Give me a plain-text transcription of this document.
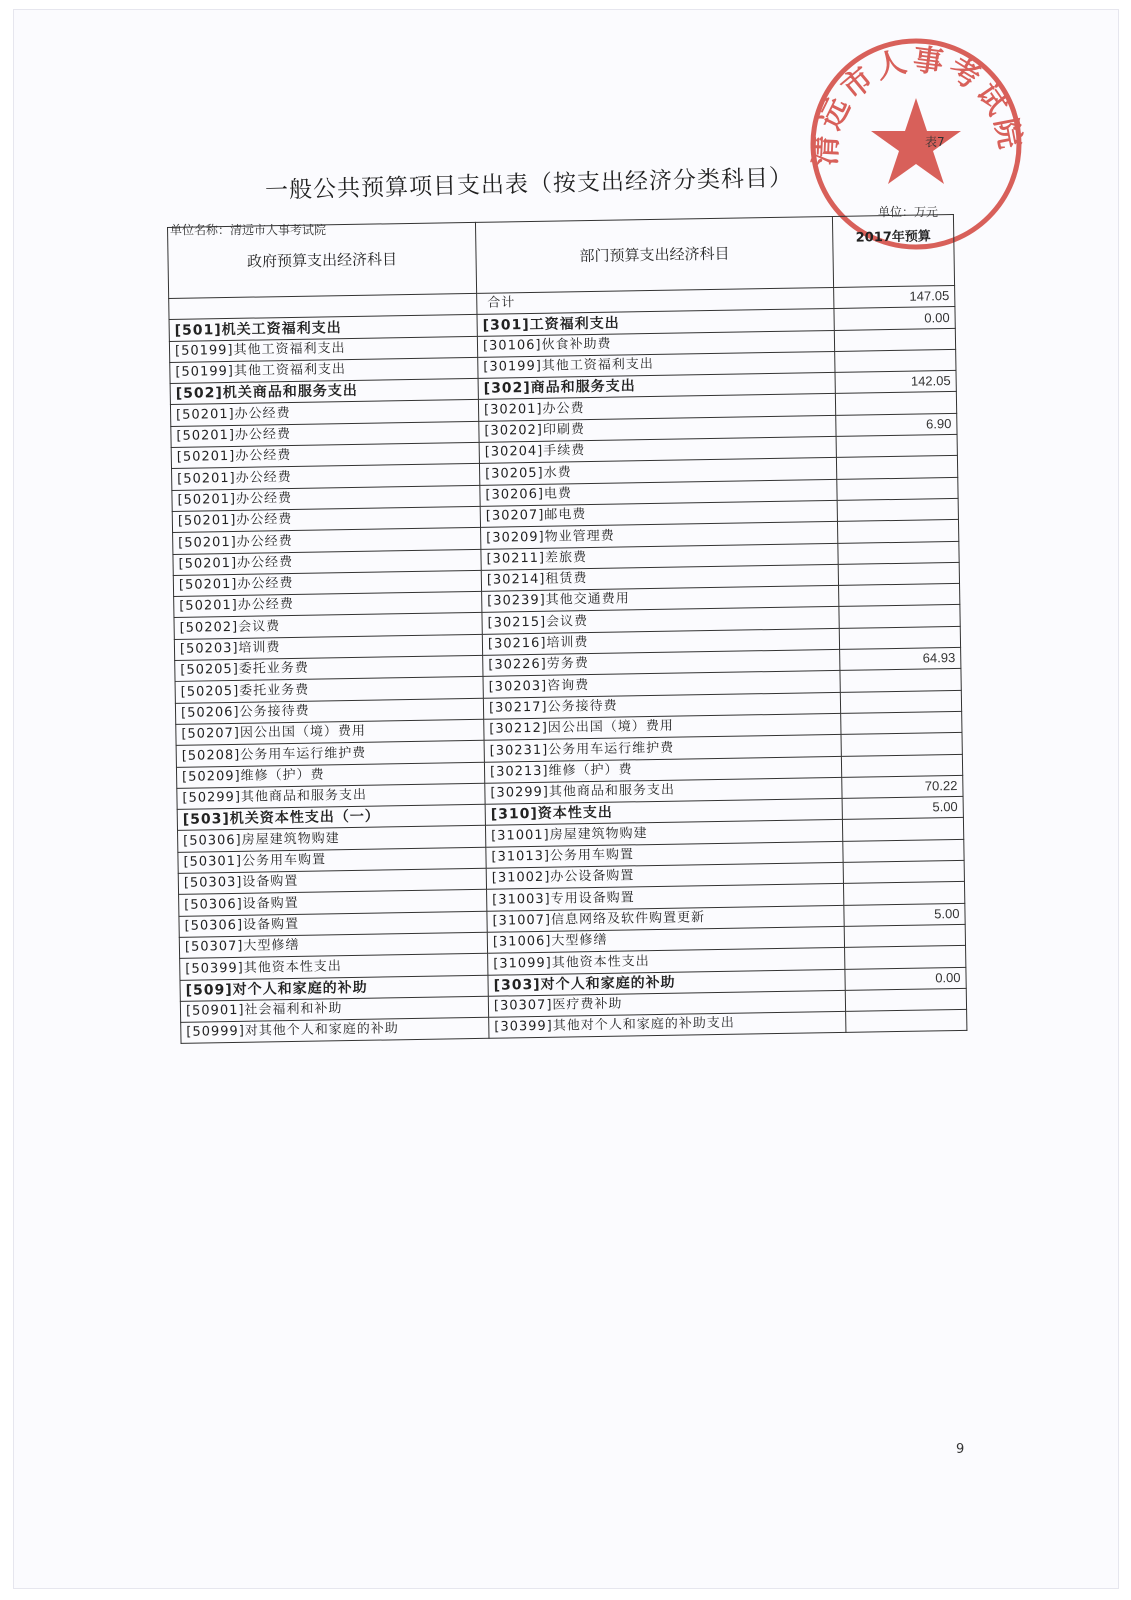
清远市人事考试院
表7
一般公共预算项目支出表（按支出经济分类科目）
单位名称：清远市人事考试院
单位：万元
政府预算支出经济科目	部门预算支出经济科目	2017年预算
	合计	147.05
[501]机关工资福利支出	[301]工资福利支出	0.00
[50199]其他工资福利支出	[30106]伙食补助费	
[50199]其他工资福利支出	[30199]其他工资福利支出	
[502]机关商品和服务支出	[302]商品和服务支出	142.05
[50201]办公经费	[30201]办公费	
[50201]办公经费	[30202]印刷费	6.90
[50201]办公经费	[30204]手续费	
[50201]办公经费	[30205]水费	
[50201]办公经费	[30206]电费	
[50201]办公经费	[30207]邮电费	
[50201]办公经费	[30209]物业管理费	
[50201]办公经费	[30211]差旅费	
[50201]办公经费	[30214]租赁费	
[50201]办公经费	[30239]其他交通费用	
[50202]会议费	[30215]会议费	
[50203]培训费	[30216]培训费	
[50205]委托业务费	[30226]劳务费	64.93
[50205]委托业务费	[30203]咨询费	
[50206]公务接待费	[30217]公务接待费	
[50207]因公出国（境）费用	[30212]因公出国（境）费用	
[50208]公务用车运行维护费	[30231]公务用车运行维护费	
[50209]维修（护）费	[30213]维修（护）费	
[50299]其他商品和服务支出	[30299]其他商品和服务支出	70.22
[503]机关资本性支出（一）	[310]资本性支出	5.00
[50306]房屋建筑物购建	[31001]房屋建筑物购建	
[50301]公务用车购置	[31013]公务用车购置	
[50303]设备购置	[31002]办公设备购置	
[50306]设备购置	[31003]专用设备购置	
[50306]设备购置	[31007]信息网络及软件购置更新	5.00
[50307]大型修缮	[31006]大型修缮	
[50399]其他资本性支出	[31099]其他资本性支出	
[509]对个人和家庭的补助	[303]对个人和家庭的补助	0.00
[50901]社会福利和补助	[30307]医疗费补助	
[50999]对其他个人和家庭的补助	[30399]其他对个人和家庭的补助支出	
9
